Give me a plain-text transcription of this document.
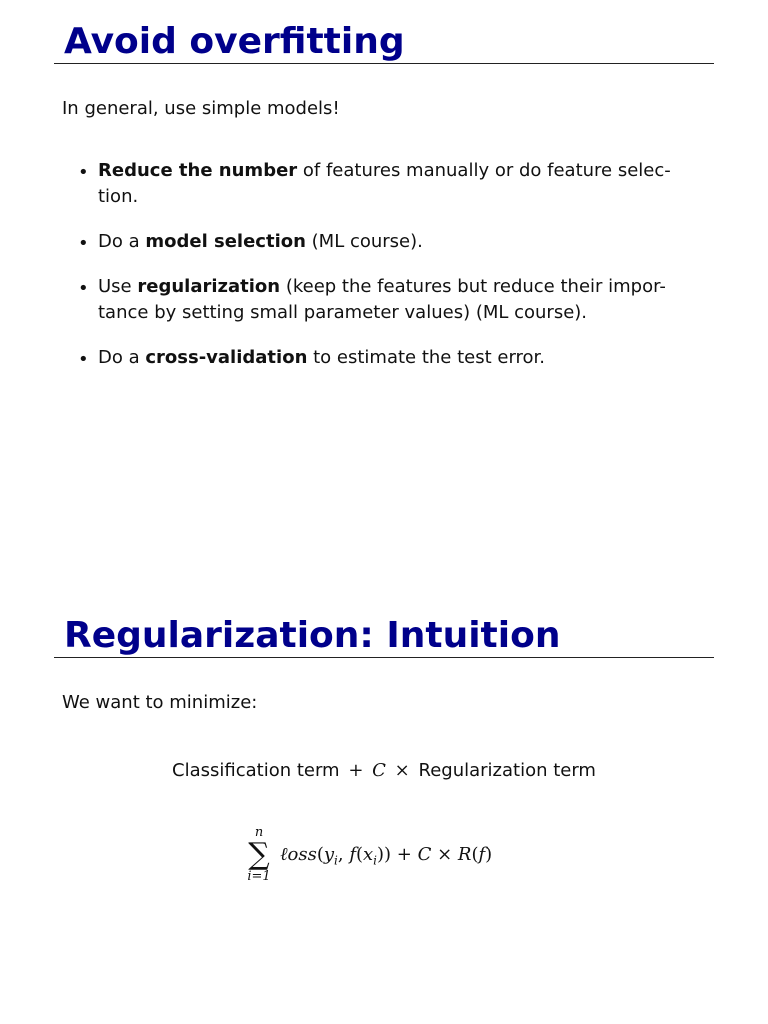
Avoid overfitting

In general, use simple models!

• Reduce the number of features manually or do feature selec-
tion.
• Do a model selection (ML course).
• Use regularization (keep the features but reduce their impor-
tance by setting small parameter values) (ML course).
• Do a cross-validation to estimate the test error.
Regularization: Intuition

We want to minimize:

Classification term + C × Regularization term
n
∑
i=1
$\ell oss(y_i$, $f(x_i)) + C \times R(f)$
